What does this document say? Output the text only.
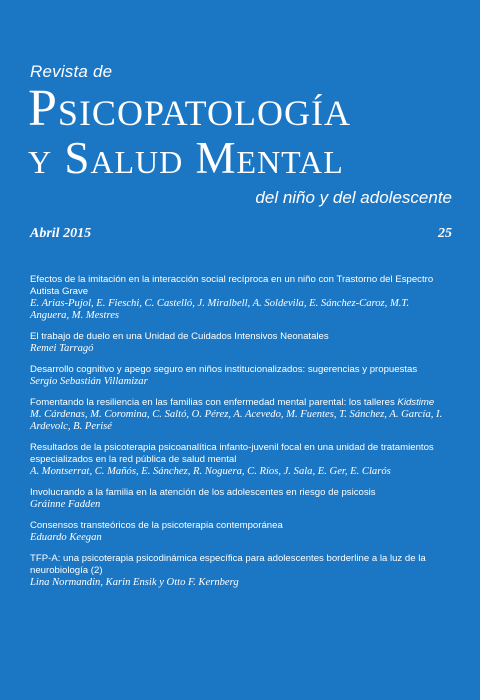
Revista de
Psicopatología
y Salud Mental
del niño y del adolescente
Abril 2015	25
Efectos de la imitación en la interacción social recíproca en un niño con Trastorno del Espectro Autista Grave
E. Arias-Pujol, E. Fieschi, C. Castelló, J. Miralbell, A. Soldevila, E. Sánchez-Caroz, M.T. Anguera, M. Mestres
El trabajo de duelo en una Unidad de Cuidados Intensivos Neonatales
Remei Tarragó
Desarrollo cognitivo y apego seguro en niños institucionalizados: sugerencias y propuestas
Sergio Sebastián Villamizar
Fomentando la resiliencia en las familias con enfermedad mental parental: los talleres Kidstime
M. Cárdenas, M. Coromina, C. Saltó, O. Pérez, A. Acevedo, M. Fuentes, T. Sánchez, A. García, I. Ardevolc, B. Perisé
Resultados de la psicoterapia psicoanalítica infanto-juvenil focal en una unidad de tratamientos especializados en la red pública de salud mental
A. Montserrat, C. Mañós, E. Sánchez, R. Noguera, C. Ríos, J. Sala, E. Ger, E. Clarós
Involucrando a la familia en la atención de los adolescentes en riesgo de psicosis
Gráinne Fadden
Consensos transteóricos de la psicoterapia contemporánea
Eduardo Keegan
TFP-A: una psicoterapia psicodinámica específica para adolescentes borderline a la luz de la neurobiología (2)
Lina Normandin, Karin Ensik y Otto F. Kernberg
